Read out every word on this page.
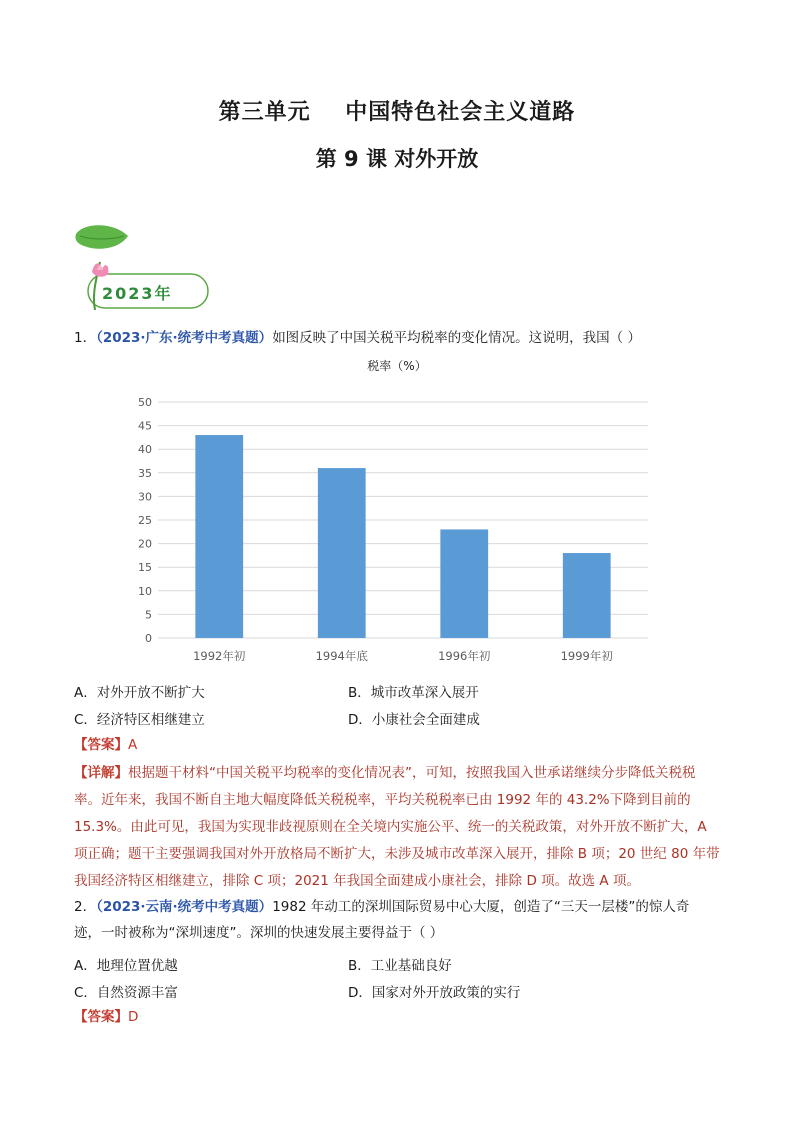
第三单元    中国特色社会主义道路
第 9 课 对外开放
2023年
1．（2023·广东·统考中考真题）如图反映了中国关税平均税率的变化情况。这说明，我国（ ）
税率（%）
0
5
10
15
20
25
30
35
40
45
50
1992年初	1994年底	1996年初	1999年初
A．对外开放不断扩大	B．城市改革深入展开
C．经济特区相继建立	D．小康社会全面建成
【答案】A
【详解】根据题干材料“中国关税平均税率的变化情况表”，可知，按照我国入世承诺继续分步降低关税税
率。近年来，我国不断自主地大幅度降低关税税率，平均关税税率已由 1992 年的 43.2%下降到目前的
15.3%。由此可见，我国为实现非歧视原则在全关境内实施公平、统一的关税政策，对外开放不断扩大，A
项正确；题干主要强调我国对外开放格局不断扩大，未涉及城市改革深入展开，排除 B 项；20 世纪 80 年带
我国经济特区相继建立，排除 C 项；2021 年我国全面建成小康社会，排除 D 项。故选 A 项。
2．（2023·云南·统考中考真题）1982 年动工的深圳国际贸易中心大厦，创造了“三天一层楼”的惊人奇
迹，一时被称为“深圳速度”。深圳的快速发展主要得益于（ ）
A．地理位置优越	B．工业基础良好
C．自然资源丰富	D．国家对外开放政策的实行
【答案】D
